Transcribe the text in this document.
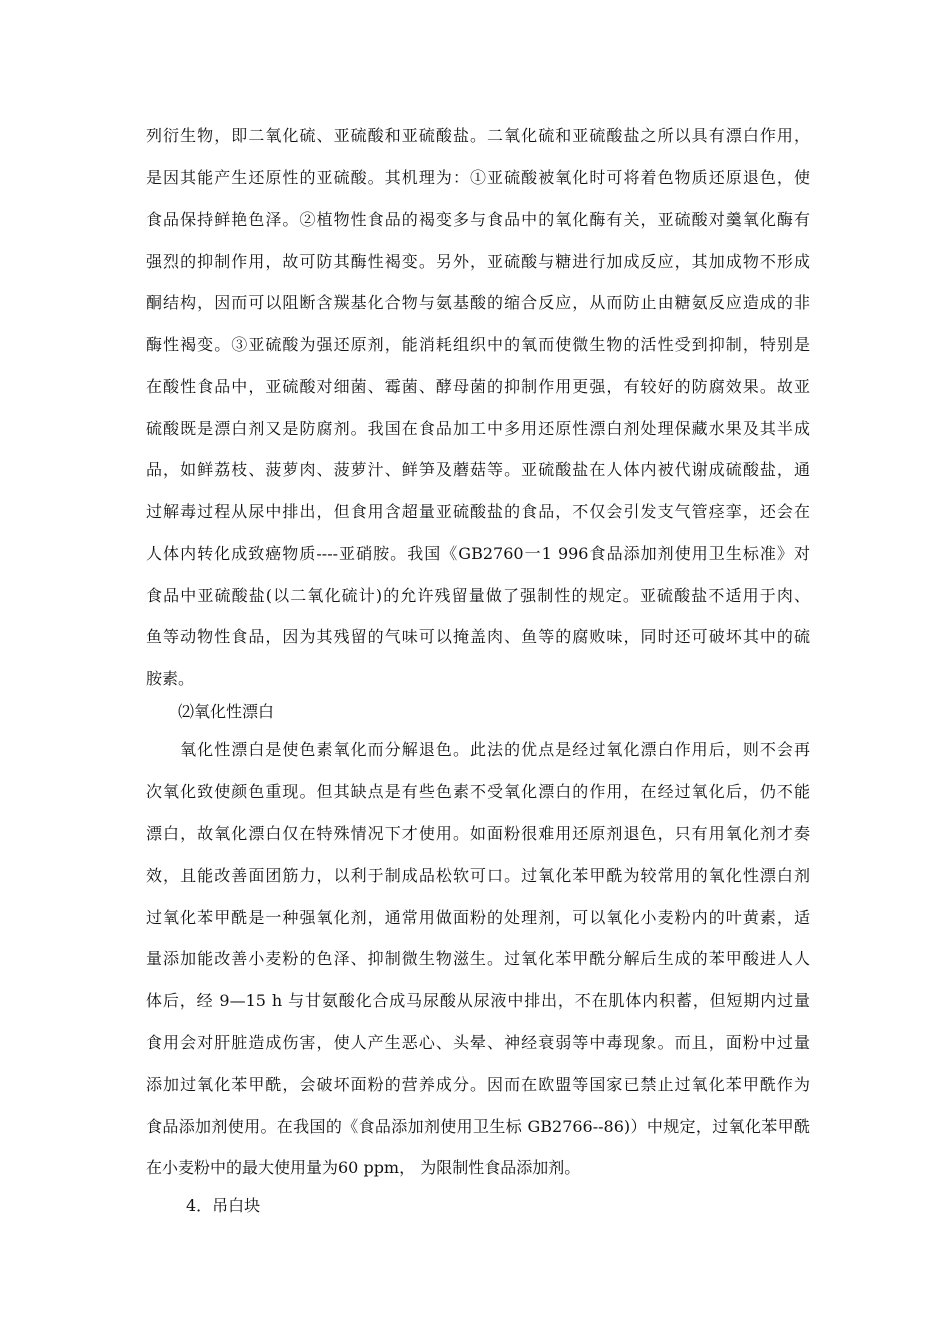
列衍生物，即二氧化硫、亚硫酸和亚硫酸盐。二氧化硫和亚硫酸盐之所以具有漂白作用，
是因其能产生还原性的亚硫酸。其机理为：①亚硫酸被氧化时可将着色物质还原退色，使
食品保持鲜艳色泽。②植物性食品的褐变多与食品中的氧化酶有关，亚硫酸对羹氧化酶有
强烈的抑制作用，故可防其酶性褐变。另外，亚硫酸与糖进行加成反应，其加成物不形成
酮结构，因而可以阻断含羰基化合物与氨基酸的缩合反应，从而防止由糖氨反应造成的非
酶性褐变。③亚硫酸为强还原剂，能消耗组织中的氧而使微生物的活性受到抑制，特别是
在酸性食品中，亚硫酸对细菌、霉菌、酵母菌的抑制作用更强，有较好的防腐效果。故亚
硫酸既是漂白剂又是防腐剂。我国在食品加工中多用还原性漂白剂处理保藏水果及其半成
品，如鲜荔枝、菠萝肉、菠萝汁、鲜笋及蘑菇等。亚硫酸盐在人体内被代谢成硫酸盐，通
过解毒过程从尿中排出，但食用含超量亚硫酸盐的食品，不仅会引发支气管痉挛，还会在
人体内转化成致癌物质----亚硝胺。我国《GB2760一1 996食品添加剂使用卫生标准》对
食品中亚硫酸盐(以二氧化硫计)的允许残留量做了强制性的规定。亚硫酸盐不适用于肉、
鱼等动物性食品，因为其残留的气味可以掩盖肉、鱼等的腐败味，同时还可破坏其中的硫
胺素。
⑵氧化性漂白
　　氧化性漂白是使色素氧化而分解退色。此法的优点是经过氧化漂白作用后，则不会再
次氧化致使颜色重现。但其缺点是有些色素不受氧化漂白的作用，在经过氧化后，仍不能
漂白，故氧化漂白仅在特殊情况下才使用。如面粉很难用还原剂退色，只有用氧化剂才奏
效，且能改善面团筋力，以利于制成品松软可口。过氧化苯甲酰为较常用的氧化性漂白剂
过氧化苯甲酰是一种强氧化剂，通常用做面粉的处理剂，可以氧化小麦粉内的叶黄素，适
量添加能改善小麦粉的色泽、抑制微生物滋生。过氧化苯甲酰分解后生成的苯甲酸进人人
体后，经 9—15 h 与甘氨酸化合成马尿酸从尿液中排出，不在肌体内积蓄，但短期内过量
食用会对肝脏造成伤害，使人产生恶心、头晕、神经衰弱等中毒现象。而且，面粉中过量
添加过氧化苯甲酰，会破坏面粉的营养成分。因而在欧盟等国家已禁止过氧化苯甲酰作为
食品添加剂使用。在我国的《食品添加剂使用卫生标 GB2766--86)）中规定，过氧化苯甲酰
在小麦粉中的最大使用量为60 ppm， 为限制性食品添加剂。
4．吊白块
